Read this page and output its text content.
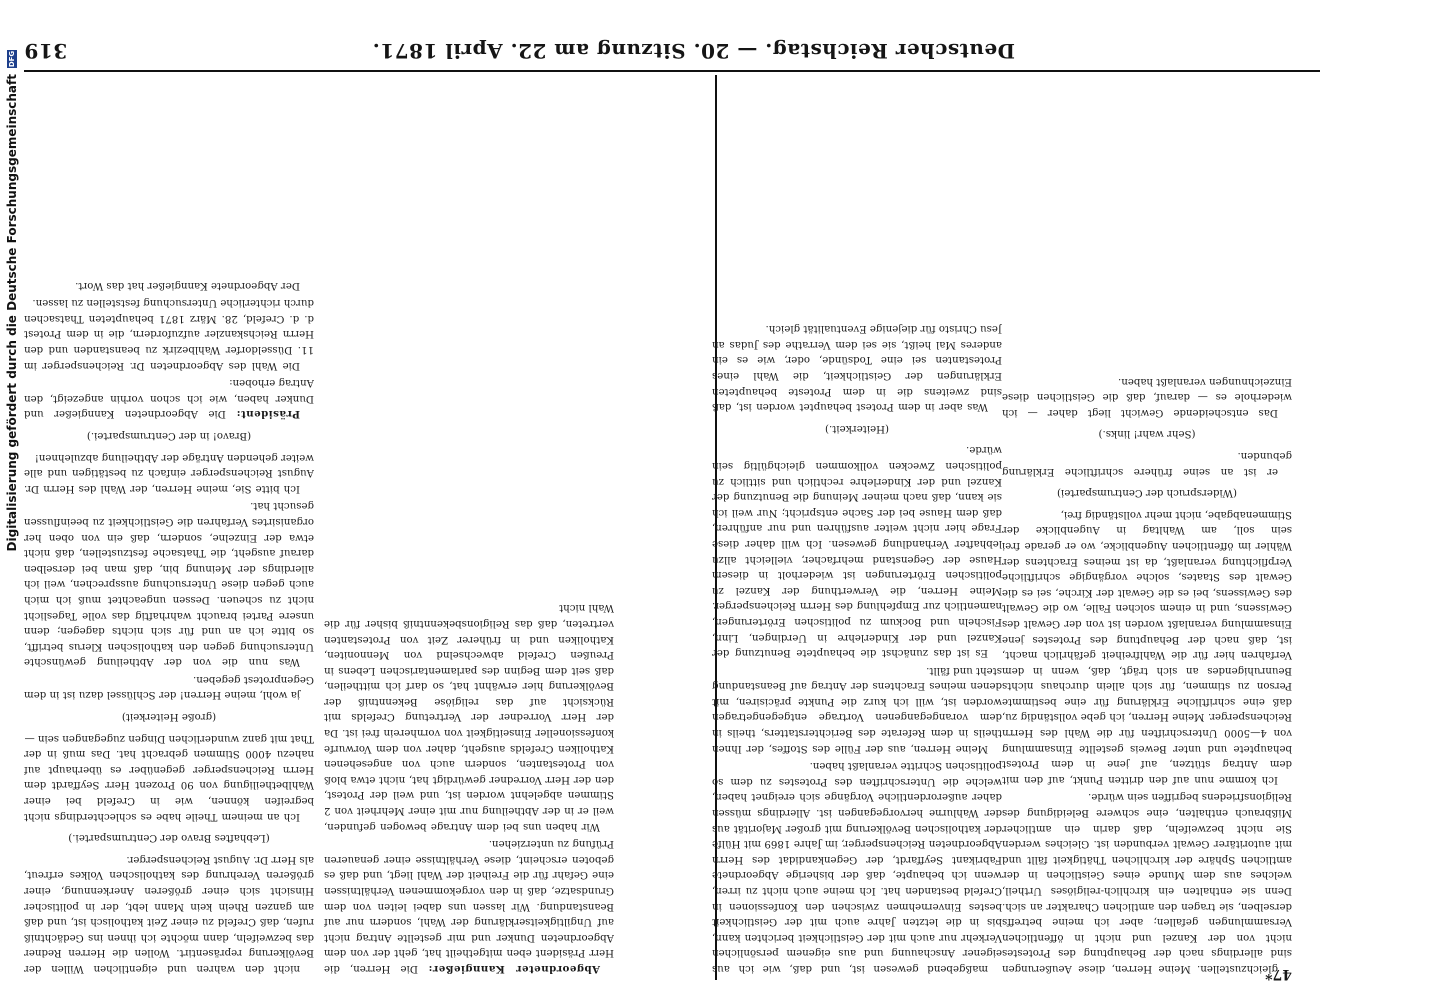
Deutscher Reichstag. — 20. Sitzung am 22. April 1871.
319

nicht den wahren und eigentlichen Willen der Bevölkerung repräsentirt. Wollen die Herren Redner das bezweifeln, dann möchte ich ihnen ins Gedächtniß rufen, daß Crefeld zu einer Zeit katholisch ist, und daß am ganzen Rhein kein Mann lebt, der in politischer Hinsicht sich einer größeren Anerkennung, einer größeren Verehrung des katholischen Volkes erfreut, als Herr Dr. August Reichensperger.

(Lebhaftes Bravo der Centrumspartei.)

Ich an meinem Theile habe es schlechterdings nicht begreifen können, wie in Crefeld bei einer Wahlbetheiligung von 90 Prozent Herr Seyffardt dem Herrn Reichensperger gegenüber es überhaupt auf nahezu 4000 Stimmen gebracht hat. Das muß in der That mit ganz wunderlichen Dingen zugegangen sein —

(große Heiterkeit)

ja wohl, meine Herren! der Schlüssel dazu ist in dem Gegenprotest gegeben.

Was nun die von der Abtheilung gewünschte Untersuchung gegen den katholischen Klerus betrifft, so bitte ich an und für sich nichts dagegen; denn unsere Partei braucht wahrhaftig das volle Tageslicht nicht zu scheuen. Dessen ungeachtet muß ich mich auch gegen diese Untersuchung aussprechen, weil ich allerdings der Meinung bin, daß man bei derselben darauf ausgeht, die Thatsache festzustellen, daß nicht etwa der Einzelne, sondern, daß ein von oben her organisirtes Verfahren die Geistlichkeit zu beeinflussen gesucht hat.

Ich bitte Sie, meine Herren, der Wahl des Herrn Dr. August Reichensperger einfach zu bestätigen und alle weiter gehenden Anträge der Abtheilung abzulehnen!

(Bravo! in der Centrumspartei.)

Präsident: Die Abgeordneten Kanngießer und Dunker haben, wie ich schon vorhin angezeigt, den Antrag erhoben:

Die Wahl des Abgeordneten Dr. Reichensperger im 11. Düsseldorfer Wahlbezirk zu beanstanden und den Herrn Reichskanzler aufzufordern, die in dem Protest d. d. Crefeld, 28. März 1871 behaupteten Thatsachen durch richterliche Untersuchung feststellen zu lassen.

Der Abgeordnete Kanngießer hat das Wort.

Abgeordneter Kanngießer: Die Herren, die Herr Präsident eben mitgetheilt hat, geht der von dem Abgeordneten Dunker und mir gestellte Antrag nicht auf Ungiltigkeitserklärung der Wahl, sondern nur auf Beanstandung. Wir lassen uns dabei leiten von dem Grundsatze, daß in den vorgekommenen Verhältnissen eine Gefahr für die Freiheit der Wahl liegt, und daß es geboten erscheint, diese Verhältnisse einer genaueren Prüfung zu unterziehen.

Wir haben uns bei dem Antrage bewogen gefunden, weil er in der Abtheilung nur mit einer Mehrheit von 2 Stimmen abgelehnt worden ist, und weil der Protest, den der Herr Vorredner gewürdigt hat, nicht etwa bloß von Protestanten, sondern auch von angesehenen Katholiken Crefelds ausgeht, daher von dem Vorwurfe konfessioneller Einseitigkeit von vornherein frei ist. Da der Herr Vorredner der Vertretung Crefelds mit Rücksicht auf das religiöse Bekenntniß der Bevölkerung hier erwähnt hat, so darf ich mittheilen, daß seit dem Beginn des parlamentarischen Lebens in Preußen Crefeld abwechselnd von Mennoniten, Katholiken und in früherer Zeit von Protestanten vertreten, daß das Religionsbekenntniß bisher für die Wahl nicht

maßgebend gewesen ist, und daß, wie ich aus eigener Anschauung und aus eigenem persönlichen Verkehr nur auch mit der Geistlichkeit berichten kann, bis in die letzten Jahre auch mit der Geistlichkeit bestes Einvernehmen zwischen den Konfessionen in Crefeld bestanden hat. Ich meine auch nicht zu irren, wenn ich behaupte, daß der bisherige Abgeordnete Fabrikant Seyffardt, der Gegenkandidat des Herrn Abgeordneten Reichensperger, im Jahre 1869 mit Hülfe der katholischen Bevölkerung mit großer Majorität aus der Wahlurne hervorgegangen ist. Allerdings müssen daher außerordentliche Vorgänge sich ereignet haben, welche die Unterschriften des Protestes zu dem so politischen Schritte veranlaßt haben.

Meine Herren, aus der Fülle des Stoffes, der Ihnen theils in dem Referate des Berichterstatters, theils in dem vorangegangenen Vortrage entgegengetragen worden ist, will ich kurz die Punkte präcisiren, mit denen meines Erachtens der Antrag auf Beanstandung steht und fällt.

Es ist das zunächst die behauptete Benutzung der Kanzel und der Kinderlehre in Uerdingen, Linn, Fischeln und Bockum zu politischen Erörterungen, namentlich zur Empfehlung des Herrn Reichensperger. Meine Herren, die Verwerthung der Kanzel zu politischen Erörterungen ist wiederholt in diesem Hause der Gegenstand mehrfacher, vielleicht allzu lebhafter Verhandlung gewesen. Ich will daher diese Frage hier nicht weiter ausführen und nur anführen, daß dem Hause bei der Sache entspricht; Nur weil ich sie kann, daß nach meiner Meinung die Benutzung der Kanzel und der Kinderlehre rechtlich und sittlich zu politischen Zwecken vollkommen gleichgültig sein würde.

(Heiterkeit.)

Was aber in dem Protest behauptet worden ist, daß sind zweitens die in dem Proteste behaupteten Erklärungen der Geistlichkeit, die Wahl eines Protestanten sei eine Todsünde, oder, wie es ein anderes Mal heißt, sie sei dem Verrathe des Judas an Jesu Christo für diejenige Eventualität gleich.

gleichzustellen. Meine Herren, diese Aeußerungen sind allerdings nach der Behauptung des Protestes nicht von der Kanzel und nicht in öffentlichen Versammlungen gefallen; aber ich meine betreffs derselben, sie tragen den amtlichen Charakter an sich. Denn sie enthalten ein kirchlich-religiöses Urtheil, welches aus dem Munde eines Geistlichen in der amtlichen Sphäre der kirchlichen Thätigkeit fällt und mit autoritärer Gewalt verbunden ist. Gleiches werden Sie nicht bezweifeln, daß darin ein amtlicher Mißbrauch enthalten, eine schwere Beleidigung des Religionsfriedens begriffen sein würde.

Ich komme nun auf den dritten Punkt, auf den mit dem Antrag stützen, auf jene in dem Protest behauptete und unter Beweis gestellte Einsammlung von 4—5000 Unterschriften für die Wahl des Herrn Reichensperger. Meine Herren, ich gebe vollständig zu, daß eine schriftliche Erklärung für eine bestimmte Person zu stimmen, für sich allein durchaus nichts Beunruhigendes an sich trägt, daß, wenn in dem Verfahren hier für die Wahlfreiheit gefährlich macht, ist, daß nach der Behauptung des Protestes jene Einsammlung veranlaßt worden ist von der Gewalt des Gewissens, und in einem solchen Falle, wo die Gewalt des Gewissens, bei es die Gewalt der Kirche, sei es die Gewalt des Staates, solche vorgängige schriftliche Verpflichtung veranlaßt, da ist meines Erachtens der Wähler im öffentlichen Augenblicke, wo er gerade frei sein soll, am Wahltag in Augenblicke der Stimmenabgabe, nicht mehr vollständig frei,

(Widerspruch der Centrumspartei)

er ist an seine frühere schriftliche Erklärung gebunden.

(Sehr wahr! links.)

Das entscheidende Gewicht liegt daher — ich wiederhole es — darauf, daß die Geistlichen diese Einzeichnungen veranlaßt haben.

47*
Digitalisierung gefördert durch die Deutsche Forschungsgemeinschaft
DFG
